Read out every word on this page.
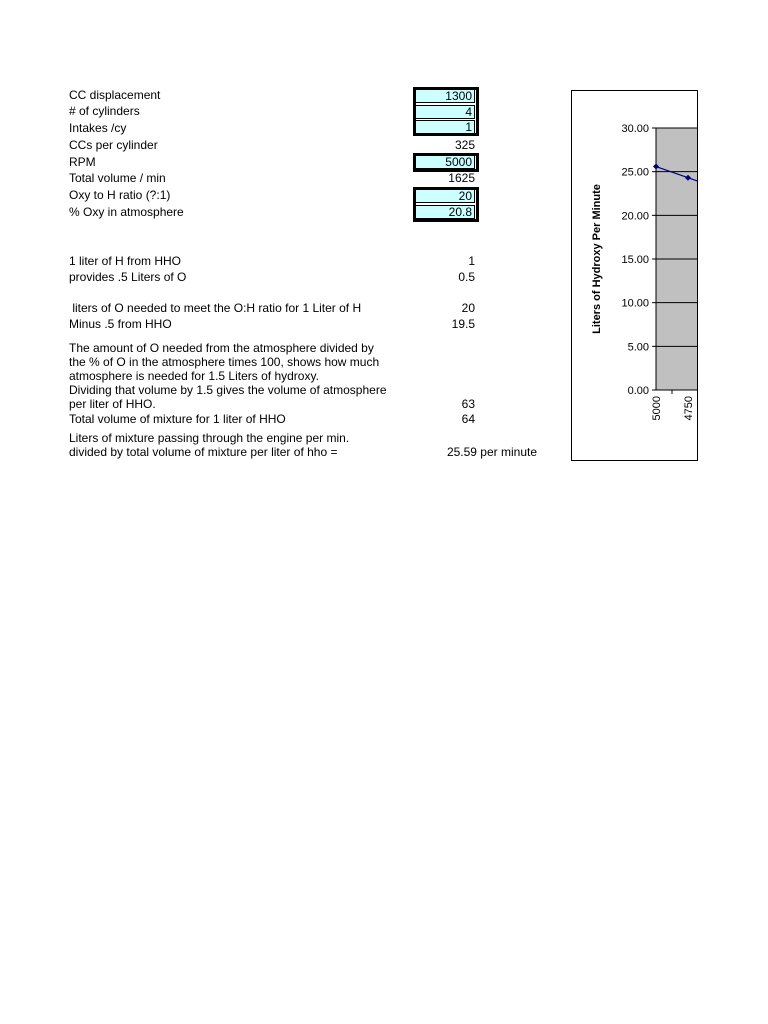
CC displacement	1300
# of cylinders	4
Intakes /cy	1
CCs per cylinder	325
RPM	5000
Total volume / min	1625
Oxy to H ratio (?:1)	20
% Oxy in atmosphere	20.8
1 liter of H from HHO	1
provides .5 Liters of O	0.5
liters of O needed to meet the O:H ratio for 1 Liter of H	20
Minus .5 from HHO	19.5
The amount of O needed from the atmosphere divided by
the % of O in the atmosphere times 100, shows how much
atmosphere is needed for 1.5 Liters of hydroxy.
Dividing that volume by 1.5 gives the volume of atmosphere
per liter of HHO.	63
Total volume of mixture for 1 liter of HHO	64
Liters of mixture passing through the engine per min.
divided by total volume of mixture per liter of hho =	25.59 per minute
30.00
25.00
20.00
15.00
10.00
5.00
0.00
5000 4750
Liters of Hydroxy Per Minute
